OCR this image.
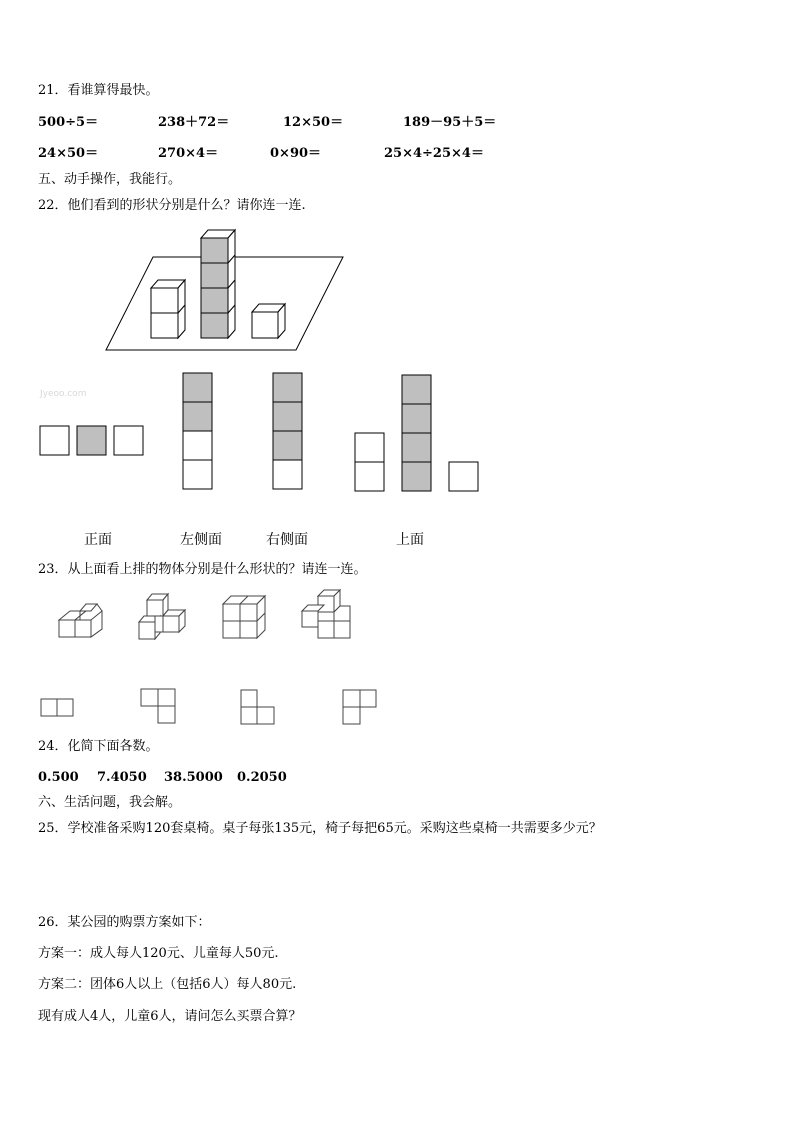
21．看谁算得最快。
500÷5＝	238＋72＝	12×50＝	189－95＋5＝
24×50＝	270×4＝	0×90＝	25×4÷25×4＝
五、动手操作，我能行。
22．他们看到的形状分别是什么？请你连一连.
Jyeoo.com
正面	左侧面	右侧面	上面
23．从上面看上排的物体分别是什么形状的？请连一连。
24．化简下面各数。
0.500 7.4050 38.5000 0.2050
六、生活问题，我会解。
25．学校准备采购120套桌椅。桌子每张135元，椅子每把65元。采购这些桌椅一共需要多少元？
26．某公园的购票方案如下：
方案一：成人每人120元、儿童每人50元.
方案二：团体6人以上（包括6人）每人80元.
现有成人4人，儿童6人，请问怎么买票合算？
